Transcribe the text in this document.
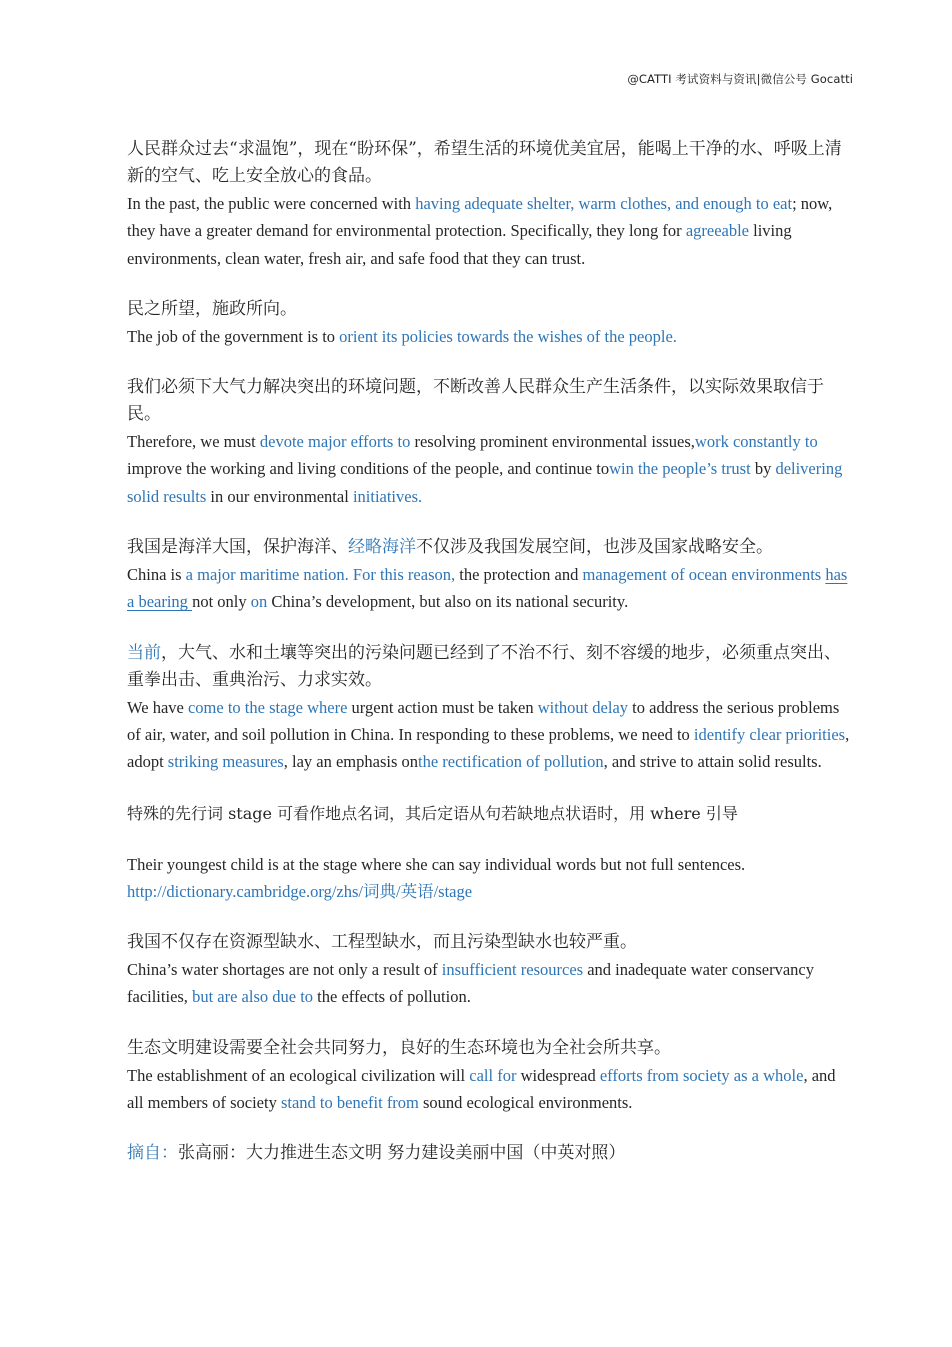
@CATTI 考试资料与资讯|微信公号 Gocatti

人民群众过去“求温饱”，现在“盼环保”，希望生活的环境优美宜居，能喝上干净的水、呼吸上清新的空气、吃上安全放心的食品。

In the past, the public were concerned with having adequate shelter, warm clothes, and enough to eat; now, they have a greater demand for environmental protection. Specifically, they long for agreeable living environments, clean water, fresh air, and safe food that they can trust.

民之所望，施政所向。

The job of the government is to orient its policies towards the wishes of the people.

我们必须下大气力解决突出的环境问题，不断改善人民群众生产生活条件，以实际效果取信于民。

Therefore, we must devote major efforts to resolving prominent environmental issues,work constantly to improve the working and living conditions of the people, and continue towin the people’s trust by delivering solid results in our environmental initiatives.

我国是海洋大国，保护海洋、经略海洋不仅涉及我国发展空间，也涉及国家战略安全。

China is a major maritime nation. For this reason, the protection and management of ocean environments has a bearing not only on China’s development, but also on its national security.

当前，大气、水和土壤等突出的污染问题已经到了不治不行、刻不容缓的地步，必须重点突出、重拳出击、重典治污、力求实效。

We have come to the stage where urgent action must be taken without delay to address the serious problems of air, water, and soil pollution in China. In responding to these problems, we need to identify clear priorities, adopt striking measures, lay an emphasis onthe rectification of pollution, and strive to attain solid results.

特殊的先行词 stage 可看作地点名词，其后定语从句若缺地点状语时，用 where 引导

Their youngest child is at the stage where she can say individual words but not full sentences.

http://dictionary.cambridge.org/zhs/词典/英语/stage

我国不仅存在资源型缺水、工程型缺水，而且污染型缺水也较严重。

China’s water shortages are not only a result of insufficient resources and inadequate water conservancy facilities, but are also due to the effects of pollution.

生态文明建设需要全社会共同努力，良好的生态环境也为全社会所共享。

The establishment of an ecological civilization will call for widespread efforts from society as a whole, and all members of society stand to benefit from sound ecological environments.

摘自：张高丽：大力推进生态文明 努力建设美丽中国（中英对照）
